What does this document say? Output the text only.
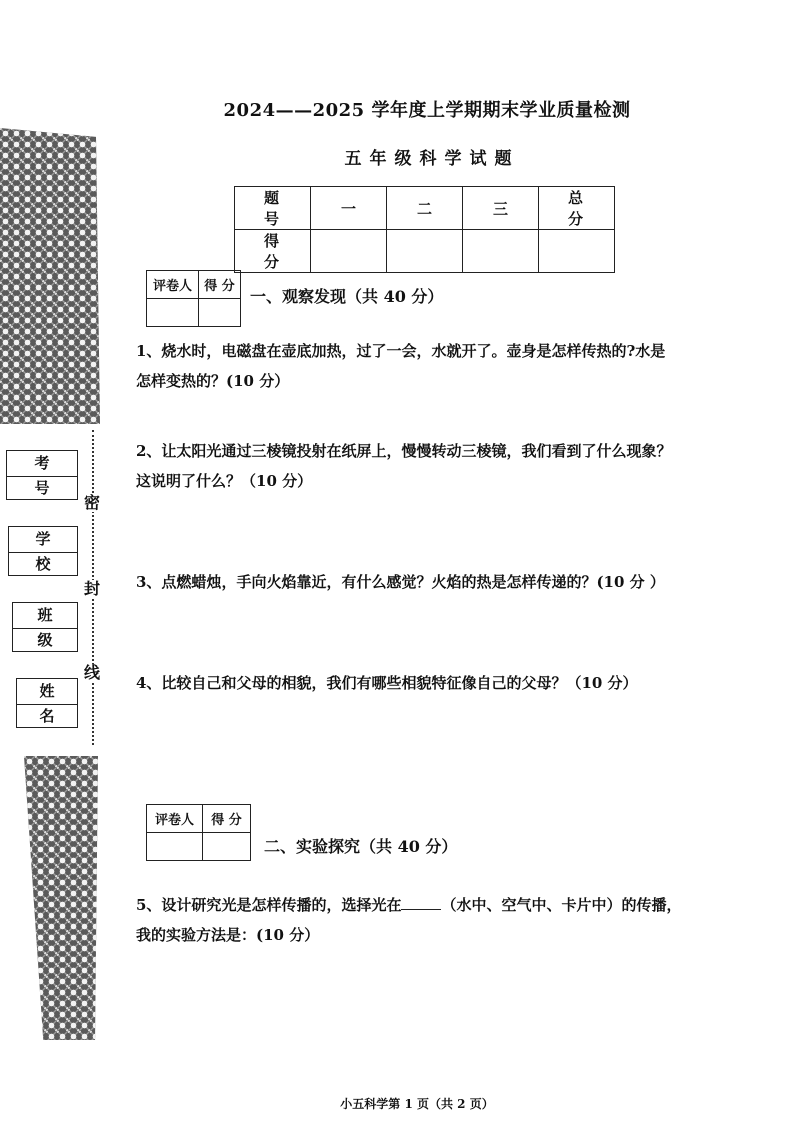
密
封
线
考 号
学 校
班 级
姓 名
2024——2025 学年度上学期期末学业质量检测
五年级科学试题
题 号	一	二	三	总 分
得 分				
评卷人	得 分

一、观察发现（共 40 分）
1、烧水时，电磁盘在壶底加热，过了一会，水就开了。壶身是怎样传热的?水是
怎样变热的？(10 分）
2、让太阳光通过三棱镜投射在纸屏上，慢慢转动三棱镜，我们看到了什么现象？
这说明了什么？（10 分）
3、点燃蜡烛，手向火焰靠近，有什么感觉？火焰的热是怎样传递的？(10 分 ）
4、比较自己和父母的相貌，我们有哪些相貌特征像自己的父母？（10 分）
评卷人	得 分

二、实验探究（共 40 分）
5、设计研究光是怎样传播的，选择光在	（水中、空气中、卡片中）的传播，
我的实验方法是：(10 分）
小五科学第 1 页（共 2 页）
